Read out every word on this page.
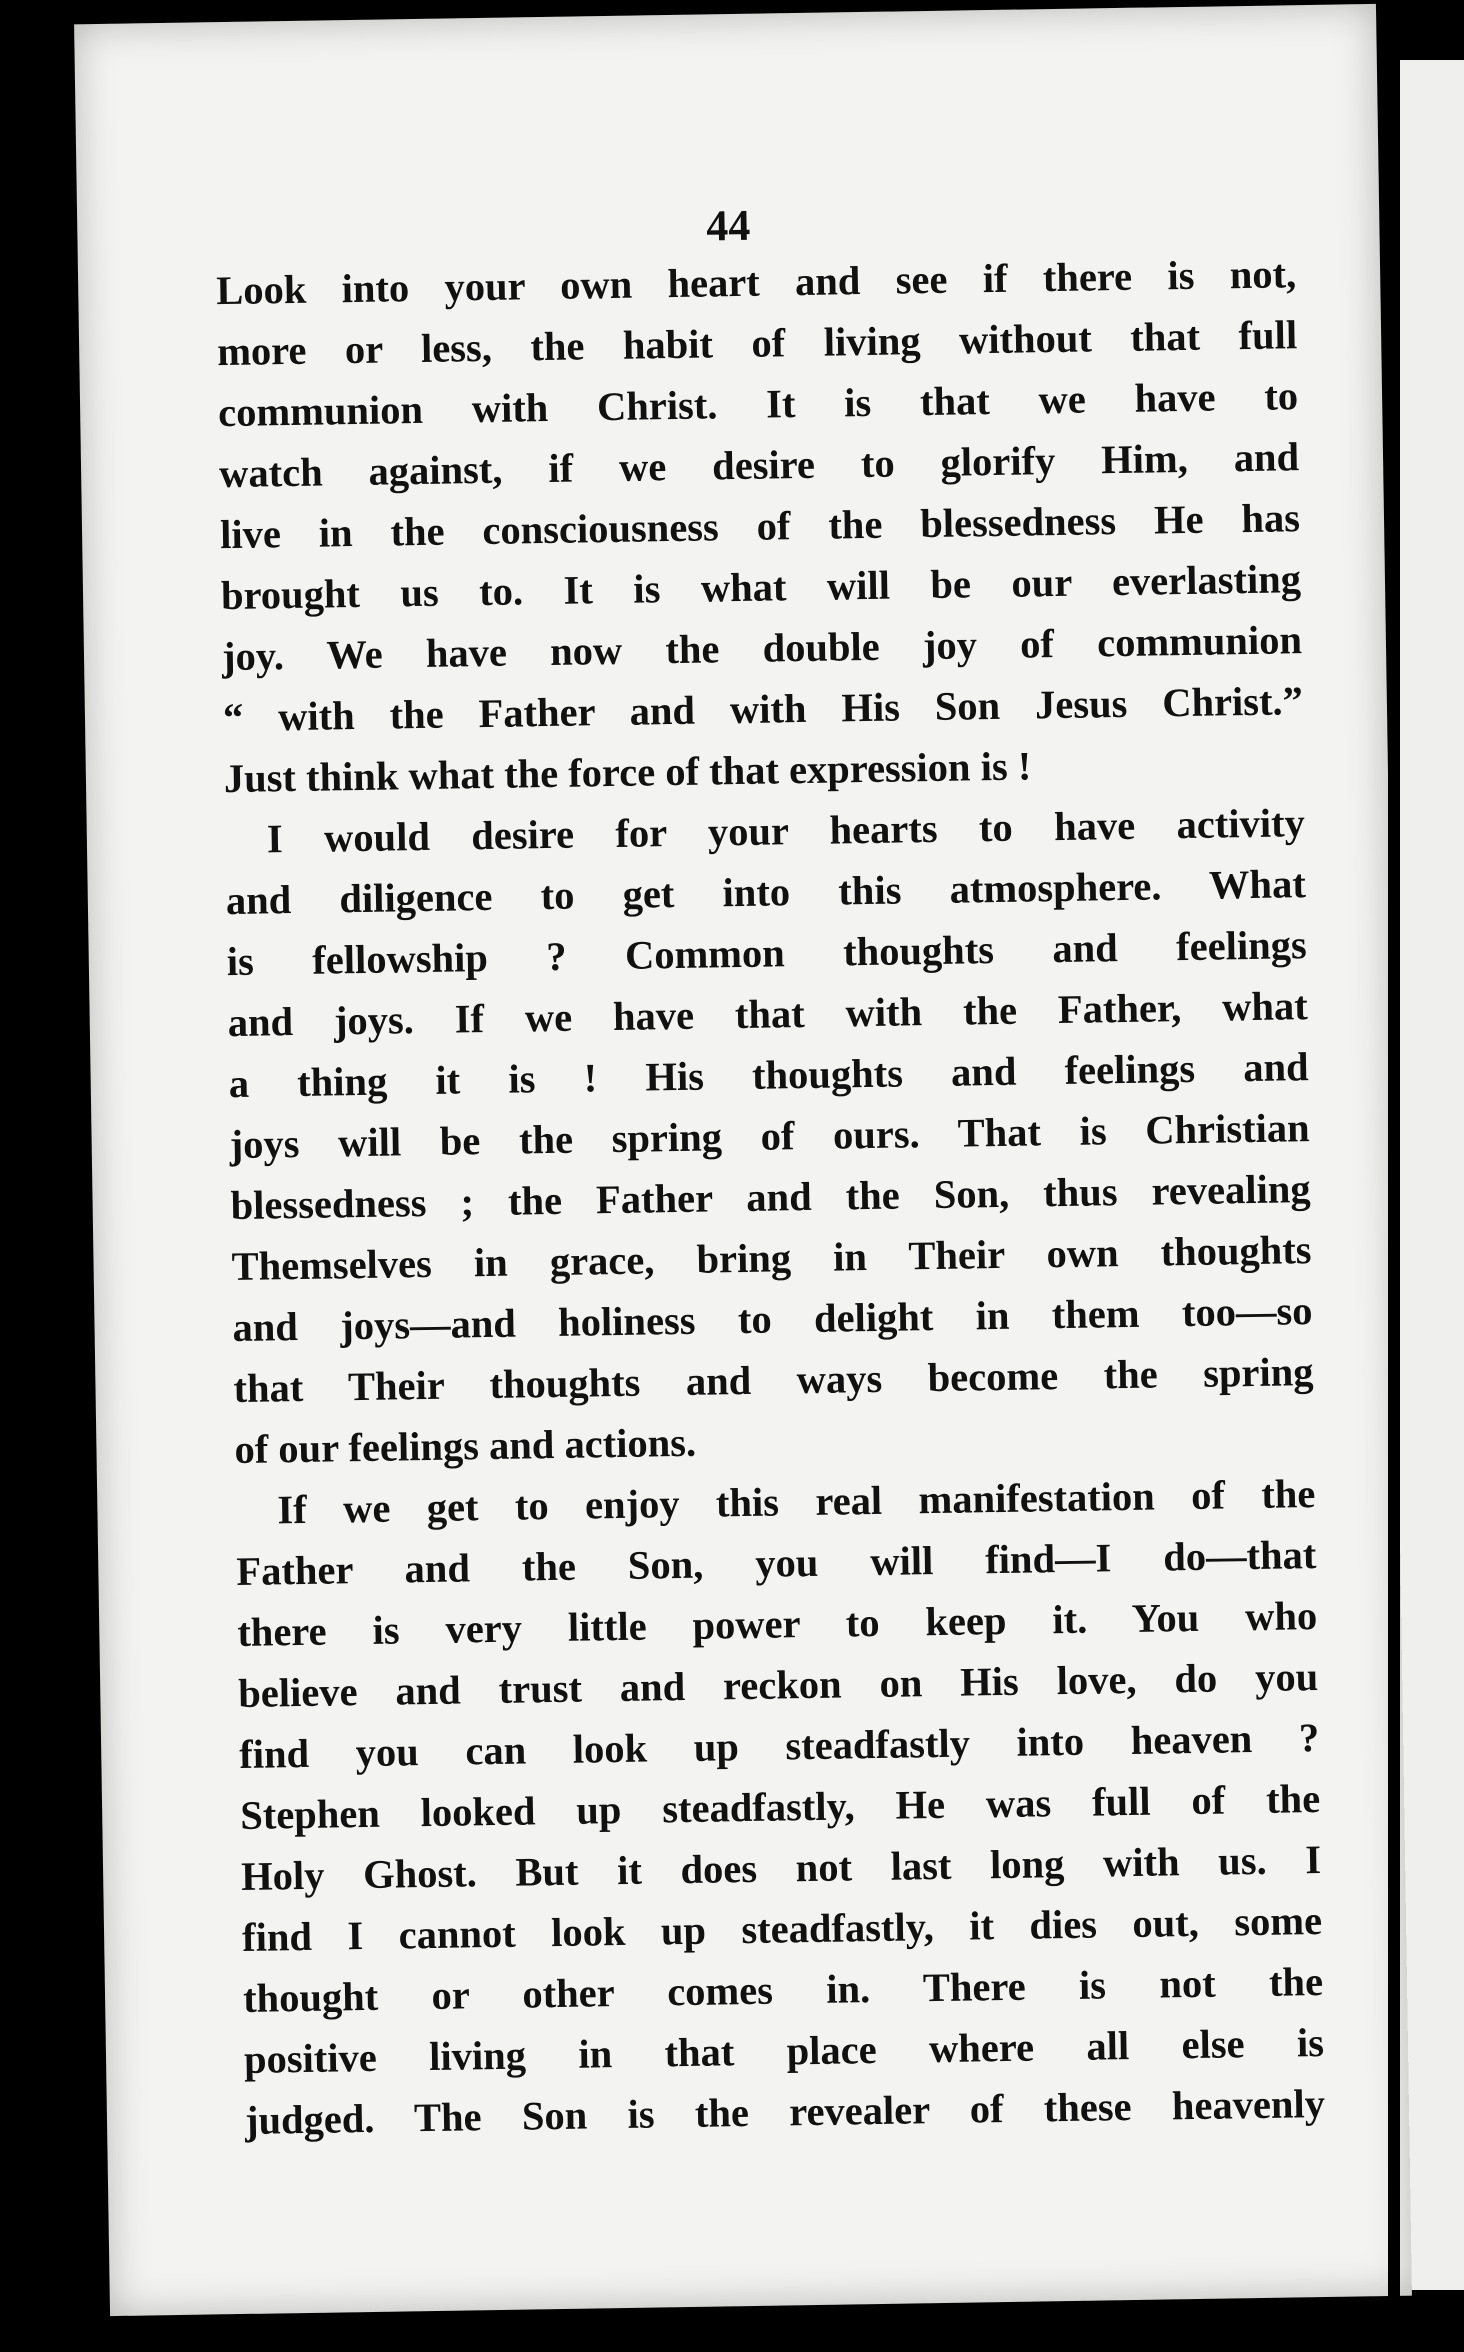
44

Look into your own heart and see if there is not,
more or less, the habit of living without that full
communion with Christ. It is that we have to
watch against, if we desire to glorify Him, and
live in the consciousness of the blessedness He has
brought us to. It is what will be our everlasting
joy. We have now the double joy of communion
“ with the Father and with His Son Jesus Christ.”
Just think what the force of that expression is !

I would desire for your hearts to have activity
and diligence to get into this atmosphere. What
is fellowship ? Common thoughts and feelings
and joys. If we have that with the Father, what
a thing it is ! His thoughts and feelings and
joys will be the spring of ours. That is Christian
blessedness ; the Father and the Son, thus revealing
Themselves in grace, bring in Their own thoughts
and joys—and holiness to delight in them too—so
that Their thoughts and ways become the spring
of our feelings and actions.

If we get to enjoy this real manifestation of the
Father and the Son, you will find—I do—that
there is very little power to keep it. You who
believe and trust and reckon on His love, do you
find you can look up steadfastly into heaven ?
Stephen looked up steadfastly, He was full of the
Holy Ghost. But it does not last long with us. I
find I cannot look up steadfastly, it dies out, some
thought or other comes in. There is not the
positive living in that place where all else is
judged. The Son is the revealer of these heavenly
